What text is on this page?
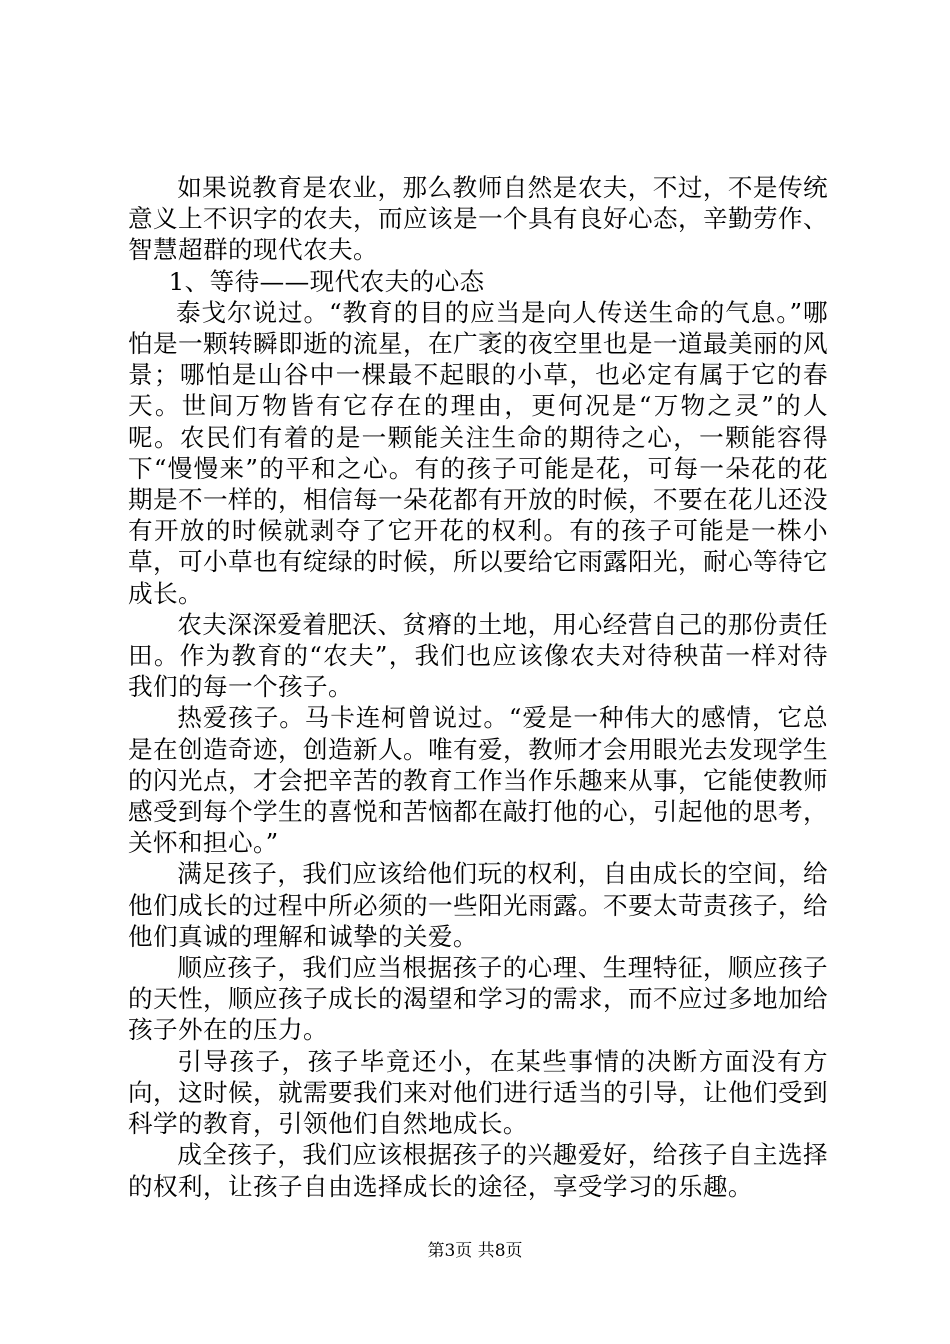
如果说教育是农业，那么教师自然是农夫，不过，不是传统意义上不识字的农夫，而应该是一个具有良好心态，辛勤劳作、智慧超群的现代农夫。

1、等待——现代农夫的心态

泰戈尔说过。“教育的目的应当是向人传送生命的气息。”哪怕是一颗转瞬即逝的流星，在广袤的夜空里也是一道最美丽的风景；哪怕是山谷中一棵最不起眼的小草，也必定有属于它的春天。世间万物皆有它存在的理由，更何况是“万物之灵”的人呢。农民们有着的是一颗能关注生命的期待之心，一颗能容得下“慢慢来”的平和之心。有的孩子可能是花，可每一朵花的花期是不一样的，相信每一朵花都有开放的时候，不要在花儿还没有开放的时候就剥夺了它开花的权利。有的孩子可能是一株小草，可小草也有绽绿的时候，所以要给它雨露阳光，耐心等待它成长。

农夫深深爱着肥沃、贫瘠的土地，用心经营自己的那份责任田。作为教育的“农夫”，我们也应该像农夫对待秧苗一样对待我们的每一个孩子。

热爱孩子。马卡连柯曾说过。“爱是一种伟大的感情，它总是在创造奇迹，创造新人。唯有爱，教师才会用眼光去发现学生的闪光点，才会把辛苦的教育工作当作乐趣来从事，它能使教师感受到每个学生的喜悦和苦恼都在敲打他的心，引起他的思考，关怀和担心。”

满足孩子，我们应该给他们玩的权利，自由成长的空间，给他们成长的过程中所必须的一些阳光雨露。不要太苛责孩子，给他们真诚的理解和诚挚的关爱。

顺应孩子，我们应当根据孩子的心理、生理特征，顺应孩子的天性，顺应孩子成长的渴望和学习的需求，而不应过多地加给孩子外在的压力。

引导孩子，孩子毕竟还小，在某些事情的决断方面没有方向，这时候，就需要我们来对他们进行适当的引导，让他们受到科学的教育，引领他们自然地成长。

成全孩子，我们应该根据孩子的兴趣爱好，给孩子自主选择的权利，让孩子自由选择成长的途径，享受学习的乐趣。

第3页 共8页
